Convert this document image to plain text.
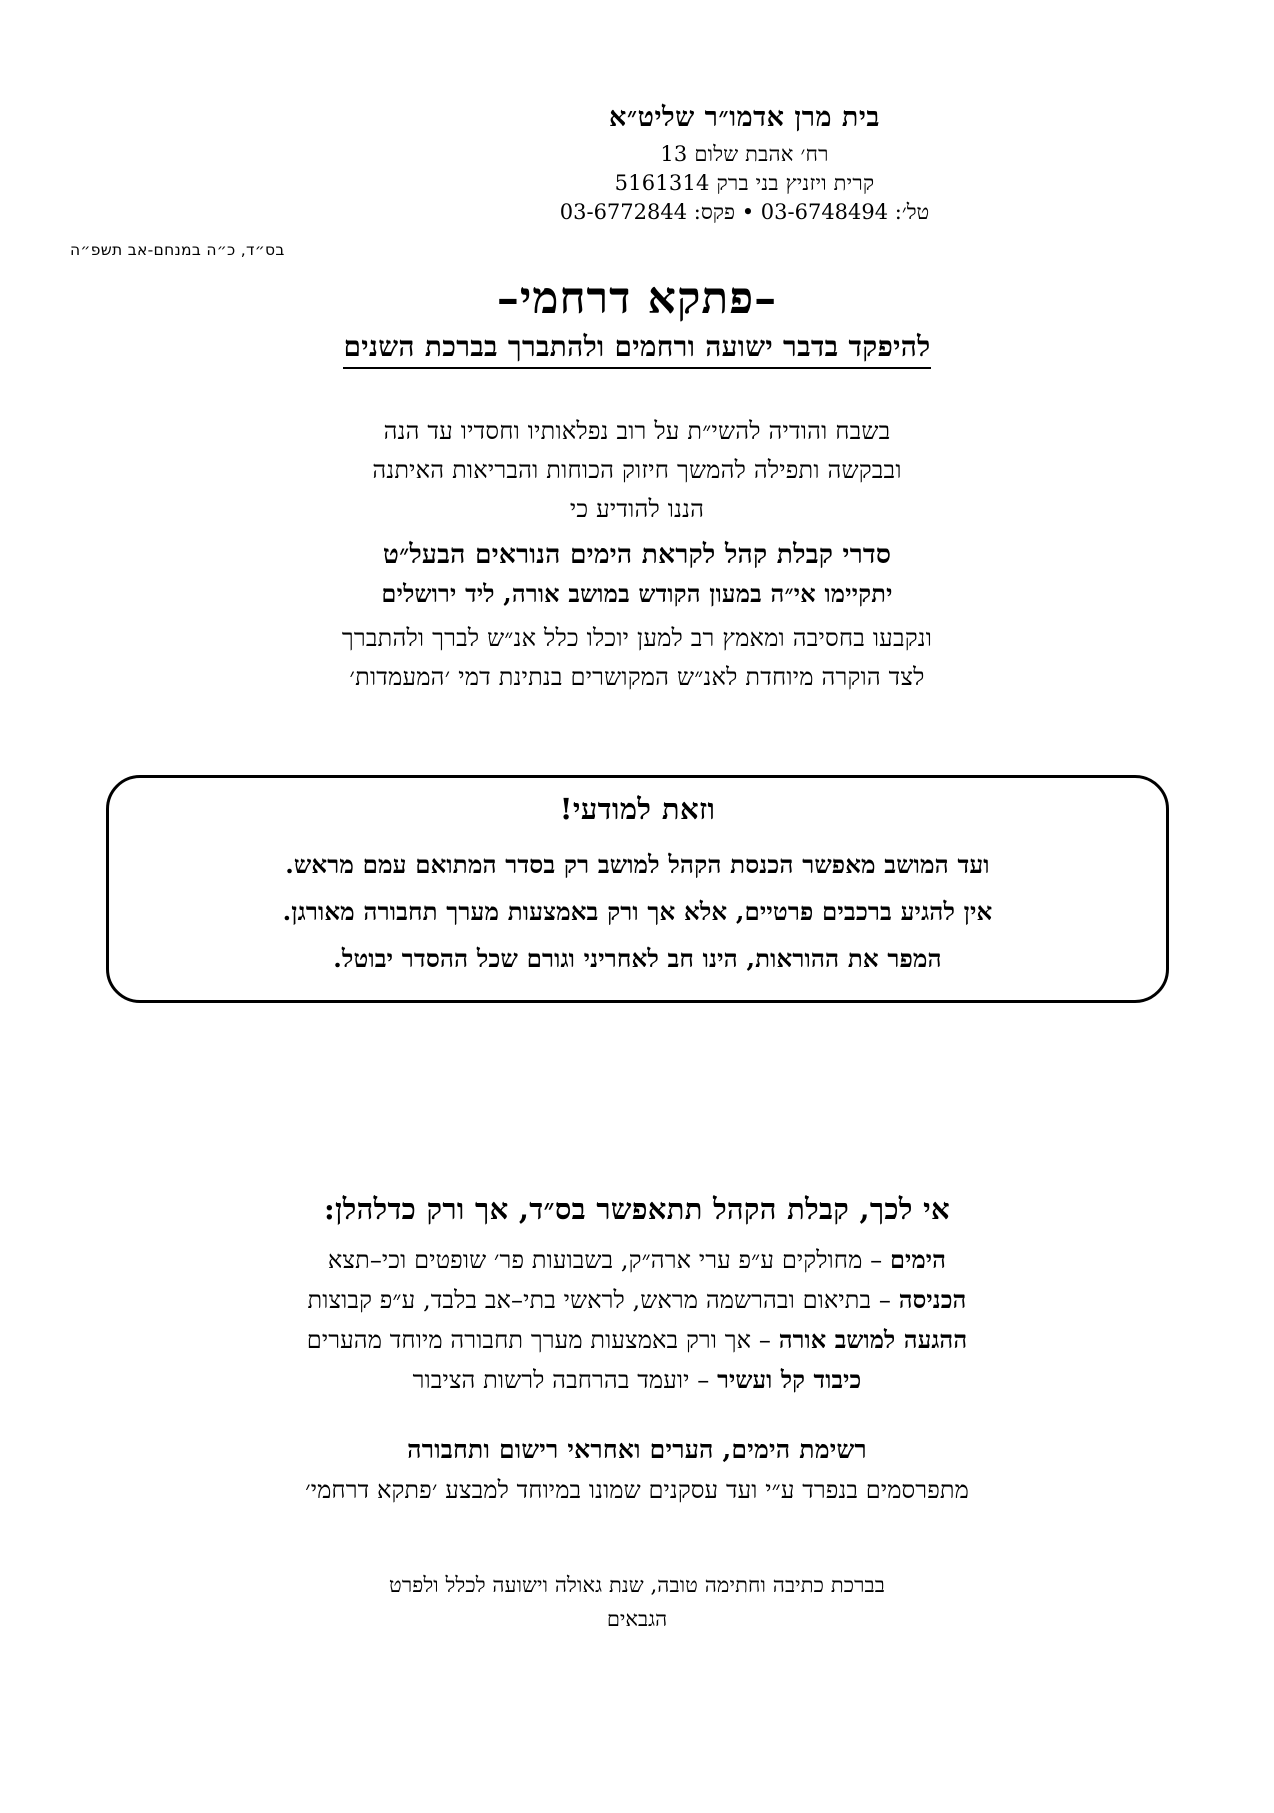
בית מרן אדמו״ר שליט״א
רח׳ אהבת שלום 13
קרית ויזניץ בני ברק 5161314
טל׳: 03-6748494 • פקס: 03-6772844
בס״ד, כ״ה במנחם-אב תשפ״ה
–פתקא דרחמי–
להיפקד בדבר ישועה ורחמים ולהתברך בברכת השנים
בשבח והודיה להשי״ת על רוב נפלאותיו וחסדיו עד הנה
ובבקשה ותפילה להמשך חיזוק הכוחות והבריאות האיתנה
הננו להודיע כי
סדרי קבלת קהל לקראת הימים הנוראים הבעל״ט
יתקיימו אי״ה במעון הקודש במושב אורה, ליד ירושלים
ונקבעו בחסיבה ומאמץ רב למען יוכלו כלל אנ״ש לברך ולהתברך
לצד הוקרה מיוחדת לאנ״ש המקושרים בנתינת דמי ׳המעמדות׳
וזאת למודעי!
ועד המושב מאפשר הכנסת הקהל למושב רק בסדר המתואם עמם מראש.
אין להגיע ברכבים פרטיים, אלא אך ורק באמצעות מערך תחבורה מאורגן.
המפר את ההוראות, הינו חב לאחריני וגורם שכל ההסדר יבוטל.
אי לכך, קבלת הקהל תתאפשר בס״ד, אך ורק כדלהלן:
הימים – מחולקים ע״פ ערי ארה״ק, בשבועות פר׳ שופטים וכי–תצא
הכניסה – בתיאום ובהרשמה מראש, לראשי בתי–אב בלבד, ע״פ קבוצות
ההגעה למושב אורה – אך ורק באמצעות מערך תחבורה מיוחד מהערים
כיבוד קל ועשיר – יועמד בהרחבה לרשות הציבור
רשימת הימים, הערים ואחראי רישום ותחבורה
מתפרסמים בנפרד ע״י ועד עסקנים שמונו במיוחד למבצע ׳פתקא דרחמי׳
בברכת כתיבה וחתימה טובה, שנת גאולה וישועה לכלל ולפרט
הגבאים
